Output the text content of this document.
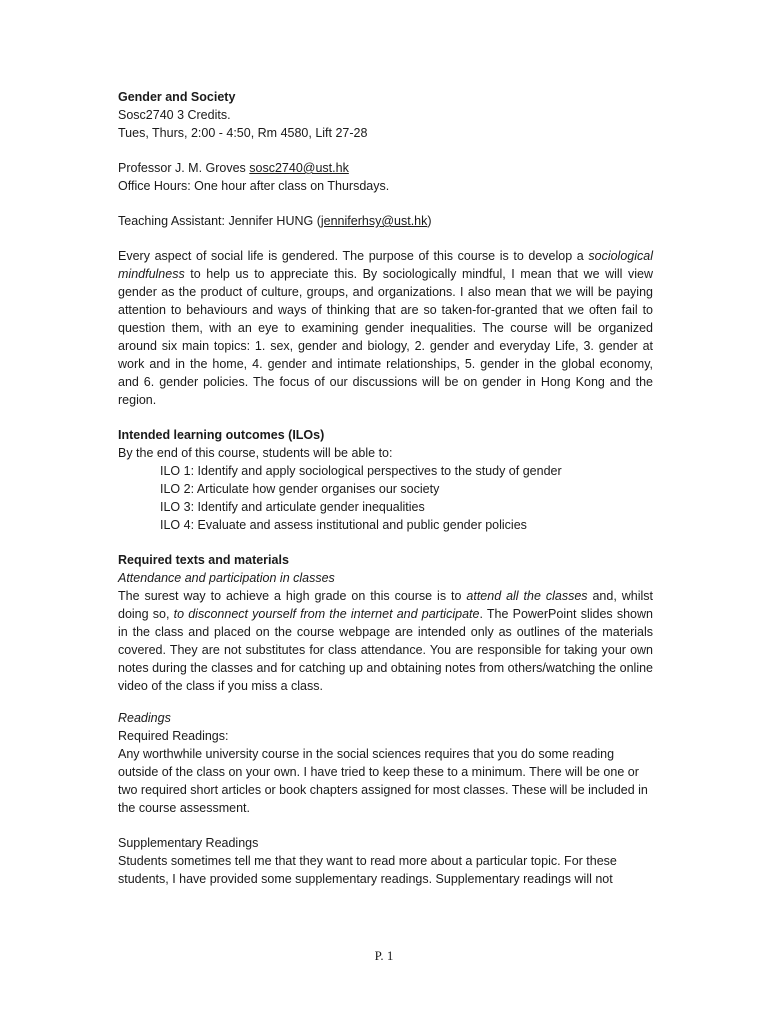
Gender and Society

Sosc2740 3 Credits.

Tues, Thurs, 2:00 - 4:50, Rm 4580, Lift 27-28

Professor J. M. Groves sosc2740@ust.hk

Office Hours: One hour after class on Thursdays.

Teaching Assistant: Jennifer HUNG (jenniferhsy@ust.hk)

Every aspect of social life is gendered. The purpose of this course is to develop a sociological mindfulness to help us to appreciate this. By sociologically mindful, I mean that we will view gender as the product of culture, groups, and organizations. I also mean that we will be paying attention to behaviours and ways of thinking that are so taken-for-granted that we often fail to question them, with an eye to examining gender inequalities. The course will be organized around six main topics: 1. sex, gender and biology, 2. gender and everyday Life, 3. gender at work and in the home, 4. gender and intimate relationships, 5. gender in the global economy, and 6. gender policies. The focus of our discussions will be on gender in Hong Kong and the region.

Intended learning outcomes (ILOs)

By the end of this course, students will be able to:

ILO 1: Identify and apply sociological perspectives to the study of gender

ILO 2: Articulate how gender organises our society

ILO 3: Identify and articulate gender inequalities

ILO 4: Evaluate and assess institutional and public gender policies

Required texts and materials

Attendance and participation in classes

The surest way to achieve a high grade on this course is to attend all the classes and, whilst doing so, to disconnect yourself from the internet and participate. The PowerPoint slides shown in the class and placed on the course webpage are intended only as outlines of the materials covered. They are not substitutes for class attendance. You are responsible for taking your own notes during the classes and for catching up and obtaining notes from others/watching the online video of the class if you miss a class.

Readings

Required Readings:

Any worthwhile university course in the social sciences requires that you do some reading outside of the class on your own. I have tried to keep these to a minimum. There will be one or two required short articles or book chapters assigned for most classes. These will be included in the course assessment.

Supplementary Readings

Students sometimes tell me that they want to read more about a particular topic. For these students, I have provided some supplementary readings. Supplementary readings will not

P. 1
